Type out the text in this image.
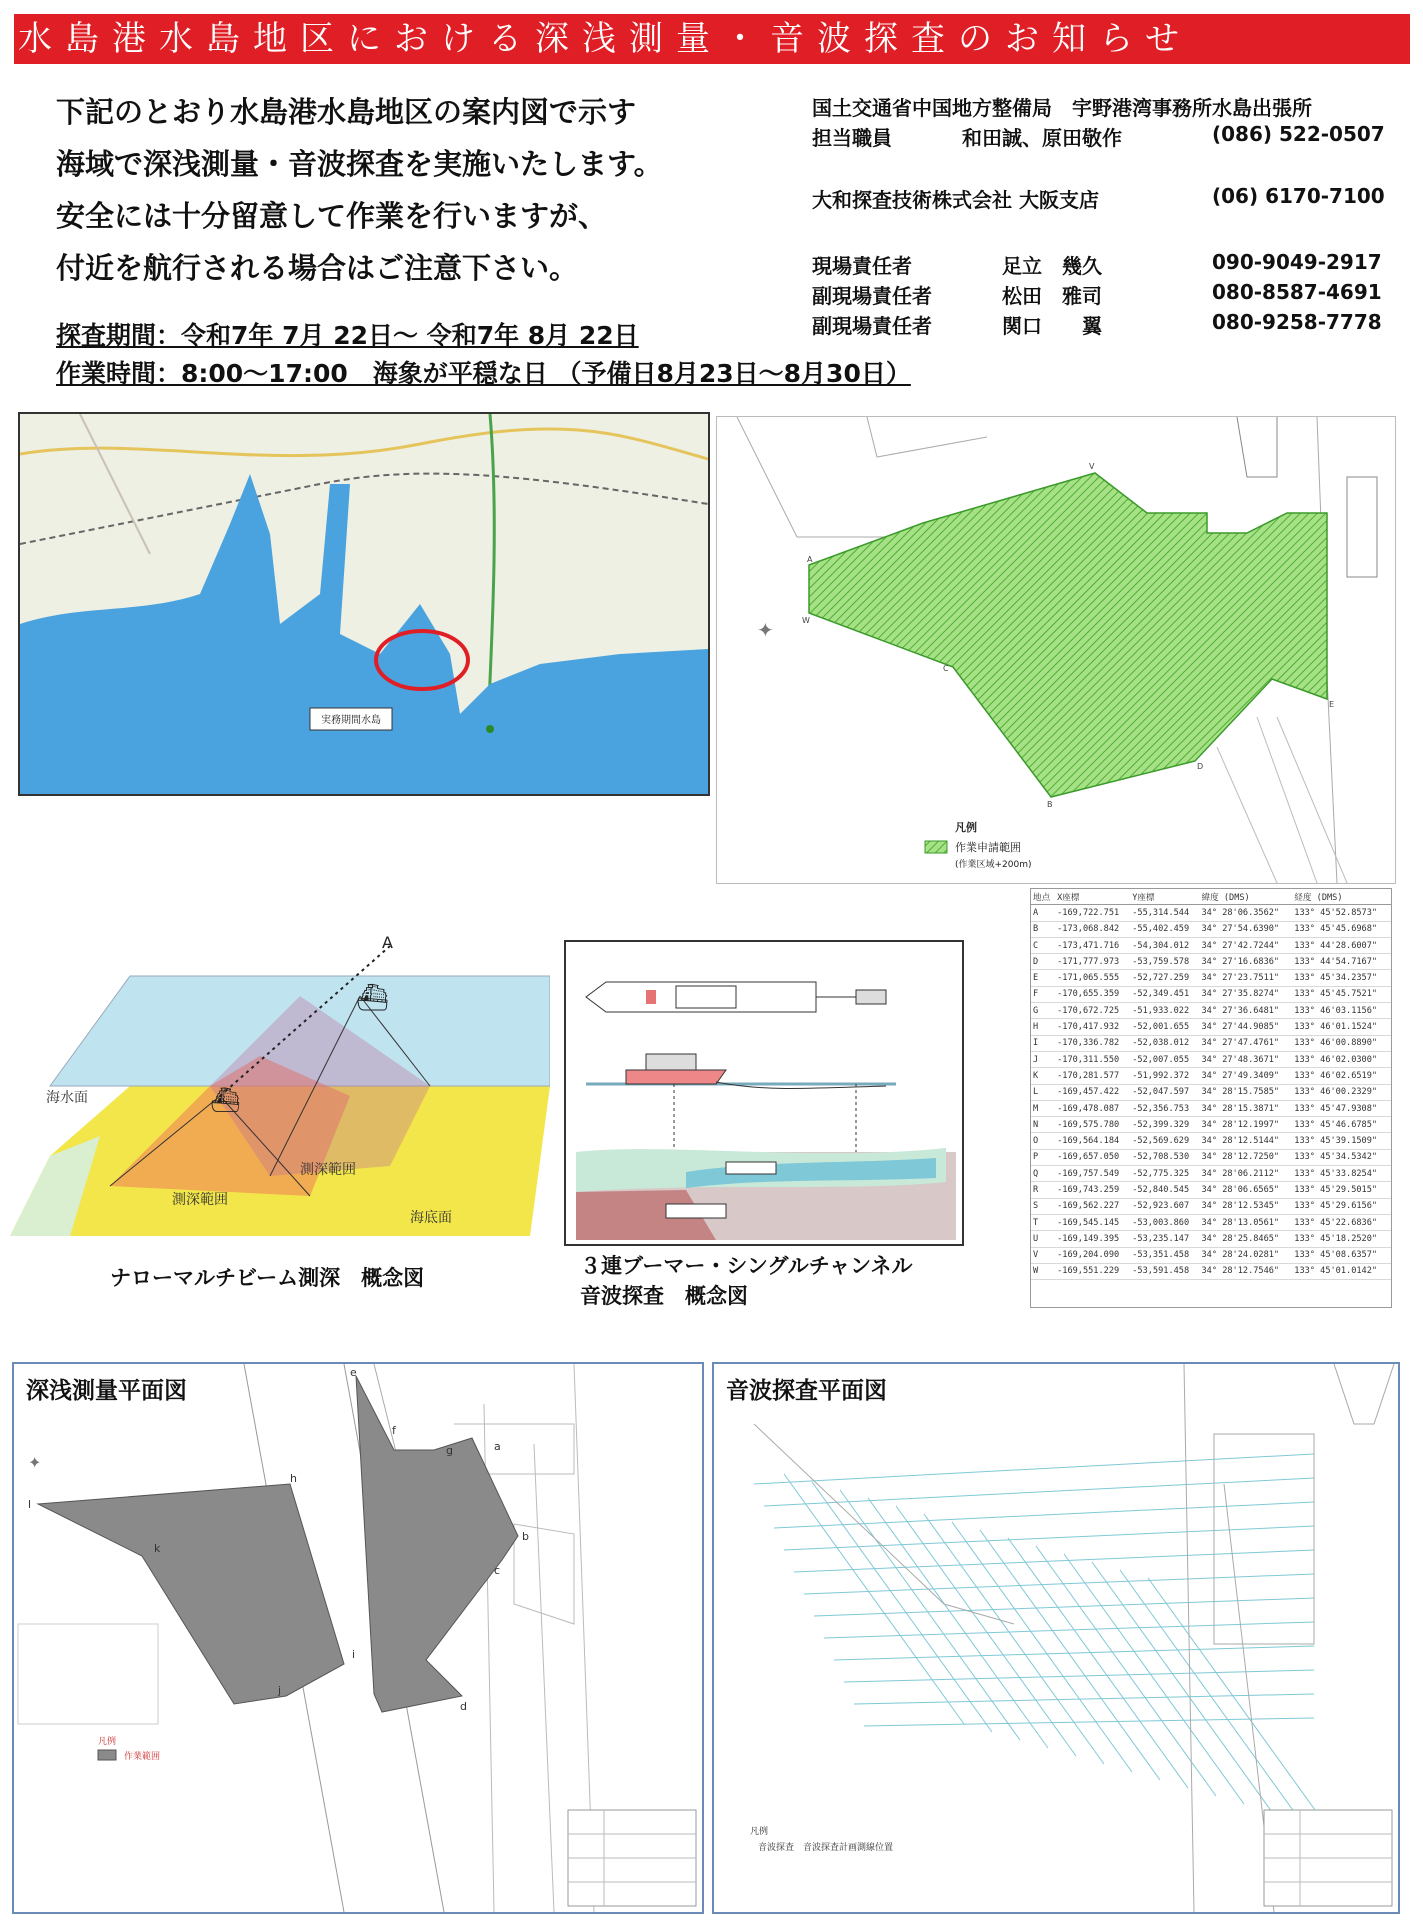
水島港水島地区における深浅測量・音波探査のお知らせ
下記のとおり水島港水島地区の案内図で示す
海域で深浅測量・音波探査を実施いたします。
安全には十分留意して作業を行いますが、
付近を航行される場合はご注意下さい。
探査期間：令和7年 7月 22日～ 令和7年 8月 22日
作業時間：8:00～17:00　海象が平穏な日 （予備日8月23日～8月30日）
国土交通省中国地方整備局　宇野港湾事務所水島出張所
担当職員	和田誠、原田敬作	(086) 522-0507
大和探査技術株式会社 大阪支店	(06) 6170-7100
現場責任者	足立　幾久	090-9049-2917
副現場責任者	松田　雅司	080-8587-4691
副現場責任者	関口　　翼	080-9258-7778
実務期間水島
A
C
B
D
E
V
W
✦
凡例
作業申請範囲
(作業区域+200m)
地点	X座標	Y座標	緯度 (DMS)	経度 (DMS)
A	-169,722.751	-55,314.544	34° 28'06.3562"	133° 45'52.8573"
B	-173,068.842	-55,402.459	34° 27'54.6390"	133° 45'45.6968"
C	-173,471.716	-54,304.012	34° 27'42.7244"	133° 44'28.6007"
D	-171,777.973	-53,759.578	34° 27'16.6836"	133° 44'54.7167"
E	-171,065.555	-52,727.259	34° 27'23.7511"	133° 45'34.2357"
F	-170,655.359	-52,349.451	34° 27'35.8274"	133° 45'45.7521"
G	-170,672.725	-51,933.022	34° 27'36.6481"	133° 46'03.1156"
H	-170,417.932	-52,001.655	34° 27'44.9085"	133° 46'01.1524"
I	-170,336.782	-52,038.012	34° 27'47.4761"	133° 46'00.8890"
J	-170,311.550	-52,007.055	34° 27'48.3671"	133° 46'02.0300"
K	-170,281.577	-51,992.372	34° 27'49.3409"	133° 46'02.6519"
L	-169,457.422	-52,047.597	34° 28'15.7585"	133° 46'00.2329"
M	-169,478.087	-52,356.753	34° 28'15.3871"	133° 45'47.9308"
N	-169,575.780	-52,399.329	34° 28'12.1997"	133° 45'46.6785"
O	-169,564.184	-52,569.629	34° 28'12.5144"	133° 45'39.1509"
P	-169,657.050	-52,708.530	34° 28'12.7250"	133° 45'34.5342"
Q	-169,757.549	-52,775.325	34° 28'06.2112"	133° 45'33.8254"
R	-169,743.259	-52,840.545	34° 28'06.6565"	133° 45'29.5015"
S	-169,562.227	-52,923.607	34° 28'12.5345"	133° 45'29.6156"
T	-169,545.145	-53,003.860	34° 28'13.0561"	133° 45'22.6836"
U	-169,149.395	-53,235.147	34° 28'25.8465"	133° 45'18.2520"
V	-169,204.090	-53,351.458	34° 28'24.0281"	133° 45'08.6357"
W	-169,551.229	-53,591.458	34° 28'12.7546"	133° 45'01.0142"
A
⛴
⛴
海水面
測深範囲
測深範囲
海底面
ナローマルチビーム測深　概念図	３連ブーマー・シングルチャンネル
音波探査　概念図
深浅測量平面図
l
h
k
i
j
e
f
g	a
b
c
d
✦
凡例
作業範囲
音波探査平面図
凡例
音波探査　音波探査計画測線位置
